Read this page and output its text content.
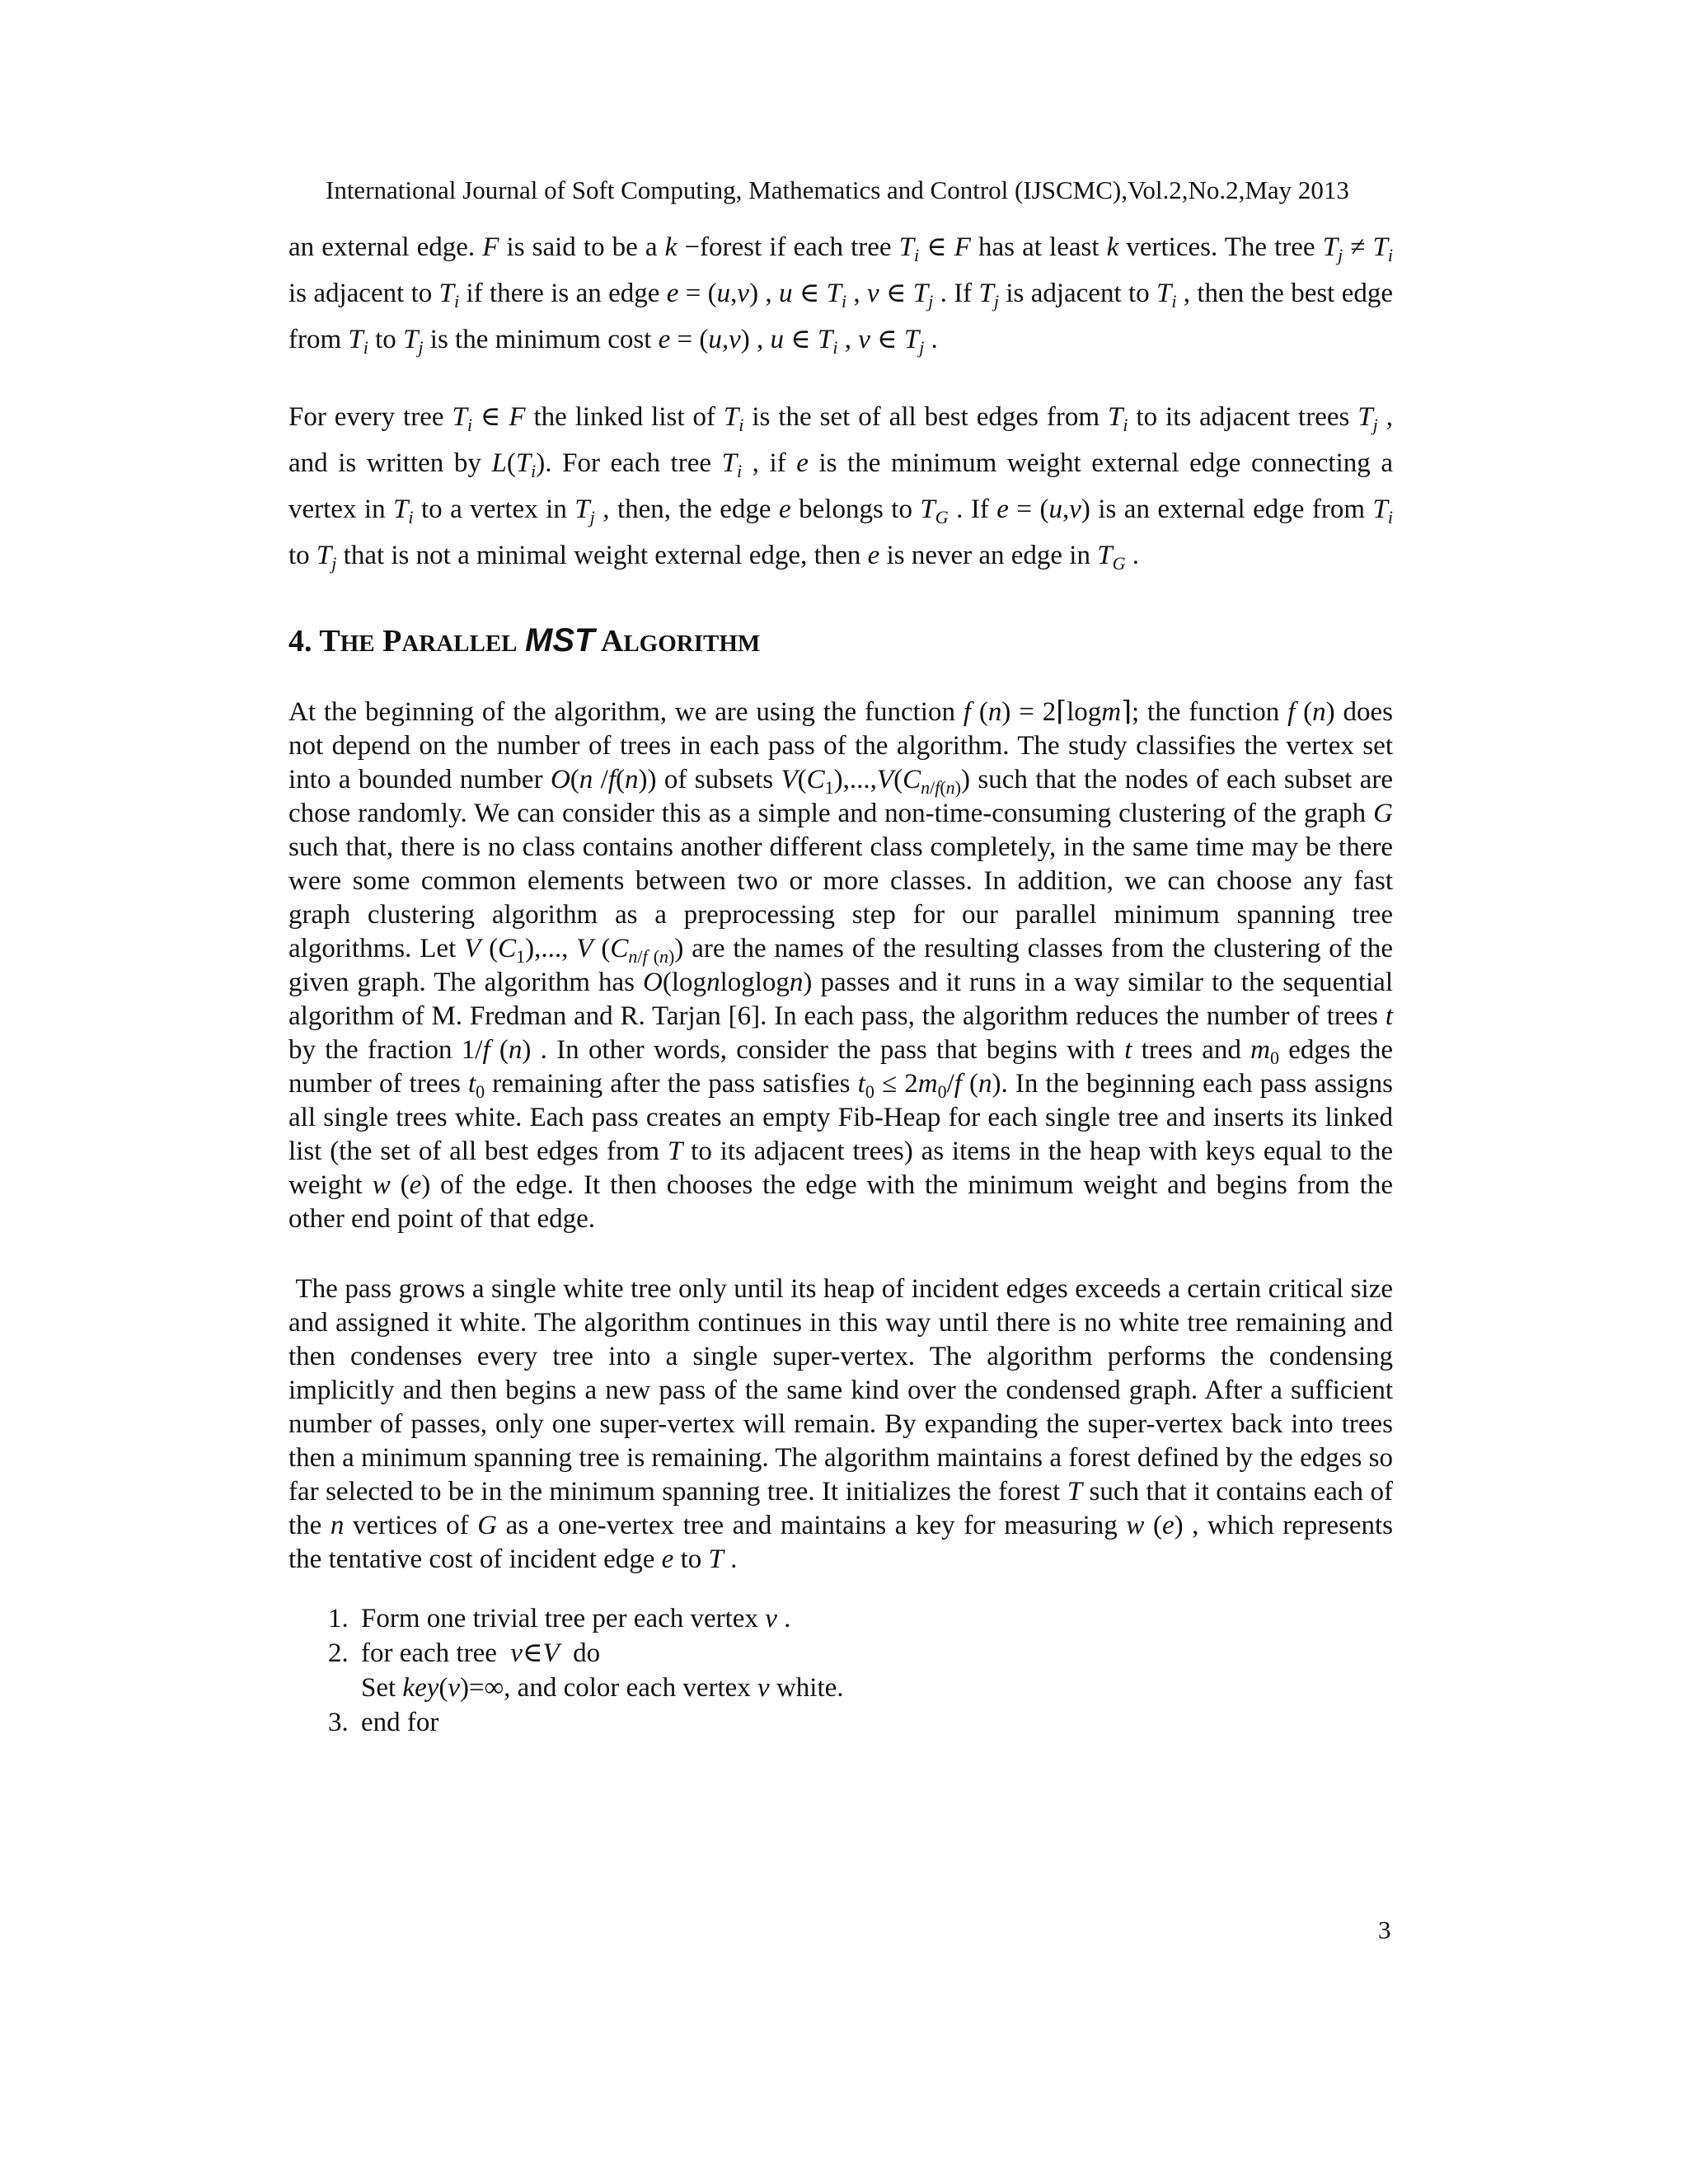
International Journal of Soft Computing, Mathematics and Control (IJSCMC),Vol.2,No.2,May 2013

an external edge. F is said to be a k −forest if each tree $T_i$ ∈ F has at least k vertices. The tree $T_j \ne T_i$ is adjacent to $T_i$ if there is an edge e = (u,v) , u ∈ $T_i$ , v ∈ $T_j$ . If $T_j$ is adjacent to $T_i$ , then the best edge from $T_i$ to $T_j$ is the minimum cost e = (u,v) , u ∈ $T_i$ , v ∈ $T_j$ .

For every tree $T_i$ ∈ F the linked list of $T_i$ is the set of all best edges from $T_i$ to its adjacent trees $T_j$ , and is written by $L(T_i)$. For each tree $T_i$ , if e is the minimum weight external edge connecting a vertex in $T_i$ to a vertex in $T_j$ , then, the edge e belongs to $T_G$ . If e = (u,v) is an external edge from $T_i$ to $T_j$ that is not a minimal weight external edge, then e is never an edge in $T_G$ .

4. THE PARALLEL MST ALGORITHM

At the beginning of the algorithm, we are using the function f (n) = 2⌈logm⌉; the function f (n) does not depend on the number of trees in each pass of the algorithm. The study classifies the vertex set into a bounded number O(n /f(n)) of subsets $V(C_1),...,V(C_{n/f(n)})$ such that the nodes of each subset are chose randomly. We can consider this as a simple and non-time-consuming clustering of the graph G such that, there is no class contains another different class completely, in the same time may be there were some common elements between two or more classes. In addition, we can choose any fast graph clustering algorithm as a preprocessing step for our parallel minimum spanning tree algorithms. Let V $(C_1)$,..., V $(C_{n/f (n)})$ are the names of the resulting classes from the clustering of the given graph. The algorithm has O(lognloglogn) passes and it runs in a way similar to the sequential algorithm of M. Fredman and R. Tarjan [6]. In each pass, the algorithm reduces the number of trees t by the fraction 1/f (n) . In other words, consider the pass that begins with t trees and $m_0$ edges the number of trees $t_0$ remaining after the pass satisfies $t_0 \le 2m_0/f$ (n). In the beginning each pass assigns all single trees white. Each pass creates an empty Fib-Heap for each single tree and inserts its linked list (the set of all best edges from T to its adjacent trees) as items in the heap with keys equal to the weight w (e) of the edge. It then chooses the edge with the minimum weight and begins from the other end point of that edge.

The pass grows a single white tree only until its heap of incident edges exceeds a certain critical size and assigned it white. The algorithm continues in this way until there is no white tree remaining and then condenses every tree into a single super-vertex. The algorithm performs the condensing implicitly and then begins a new pass of the same kind over the condensed graph. After a sufficient number of passes, only one super-vertex will remain. By expanding the super-vertex back into trees then a minimum spanning tree is remaining. The algorithm maintains a forest defined by the edges so far selected to be in the minimum spanning tree. It initializes the forest T such that it contains each of the n vertices of G as a one-vertex tree and maintains a key for measuring w (e) , which represents the tentative cost of incident edge e to T .

1. Form one trivial tree per each vertex v .
2. for each tree v∈V do
Set key(v)=∞, and color each vertex v white.
3. end for
3
